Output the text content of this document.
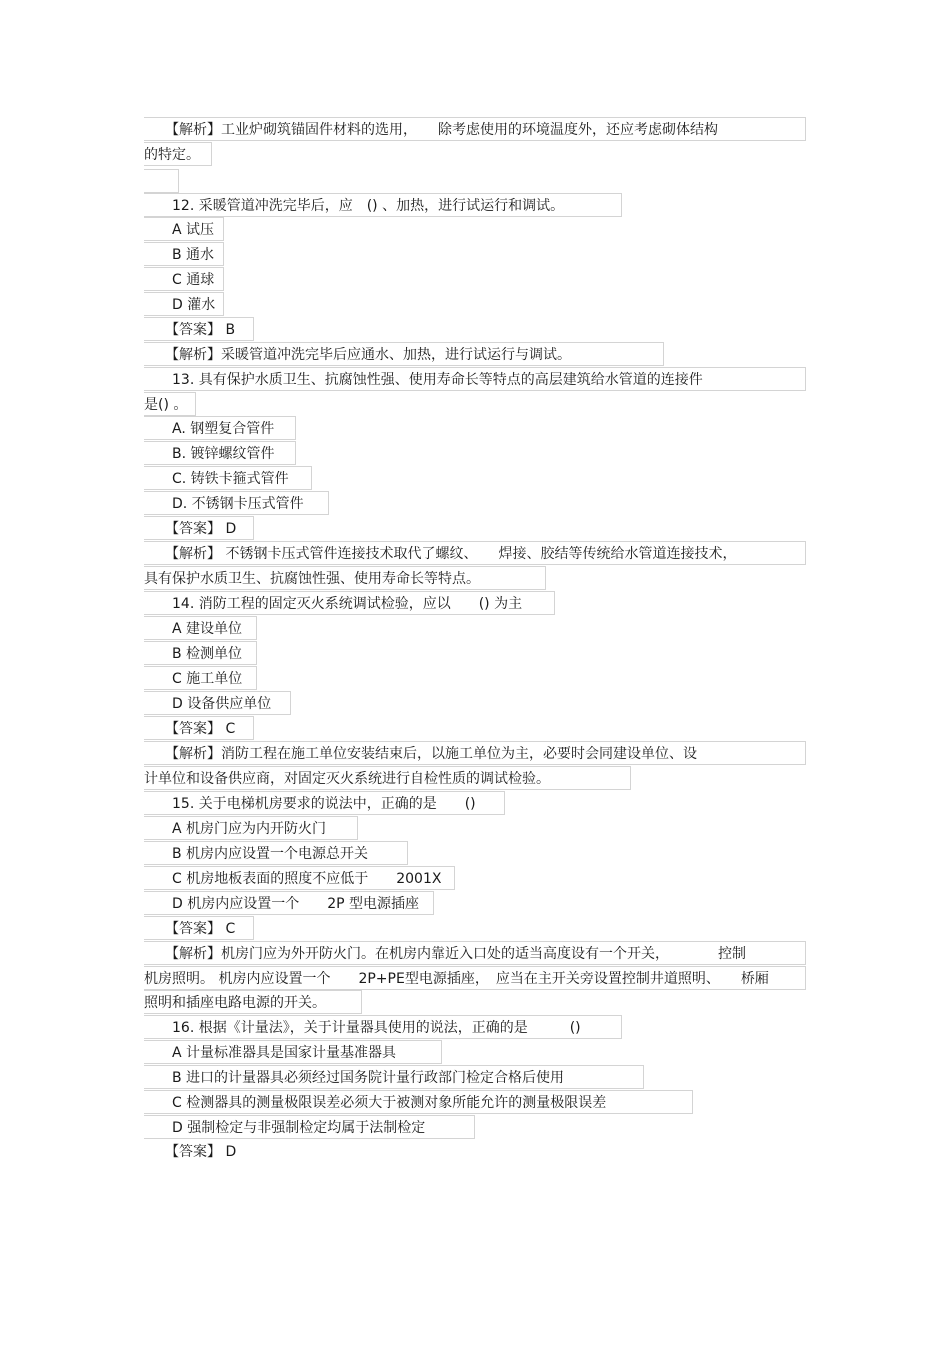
　　【解析】工业炉砌筑锚固件材料的选用，　　除考虑使用的环境温度外，还应考虑砌体结构
的特定。
　　12. 采暖管道冲洗完毕后，应　() 、加热，进行试运行和调试。
　　A 试压
　　B 通水
　　C 通球
　　D 灌水
　　【答案】 B
　　【解析】采暖管道冲洗完毕后应通水、加热，进行试运行与调试。
　　13. 具有保护水质卫生、抗腐蚀性强、使用寿命长等特点的高层建筑给水管道的连接件
是() 。
　　A. 钢塑复合管件
　　B. 镀锌螺纹管件
　　C. 铸铁卡箍式管件
　　D. 不锈钢卡压式管件
　　【答案】 D
　　【解析】 不锈钢卡压式管件连接技术取代了螺纹、　　焊接、胶结等传统给水管道连接技术，
具有保护水质卫生、抗腐蚀性强、使用寿命长等特点。
　　14. 消防工程的固定灭火系统调试检验，应以　　() 为主
　　A 建设单位
　　B 检测单位
　　C 施工单位
　　D 设备供应单位
　　【答案】 C
　　【解析】消防工程在施工单位安装结束后，以施工单位为主，必要时会同建设单位、设
计单位和设备供应商，对固定灭火系统进行自检性质的调试检验。
　　15. 关于电梯机房要求的说法中，正确的是　　()
　　A 机房门应为内开防火门
　　B 机房内应设置一个电源总开关
　　C 机房地板表面的照度不应低于　　2001X
　　D 机房内应设置一个　　2P 型电源插座
　　【答案】 C
　　【解析】机房门应为外开防火门。在机房内靠近入口处的适当高度设有一个开关，　　　　控制
机房照明。 机房内应设置一个　　2P+PE型电源插座，　应当在主开关旁设置控制井道照明、　　桥厢
照明和插座电路电源的开关。
　　16. 根据《计量法》，关于计量器具使用的说法，正确的是　　　()
　　A 计量标准器具是国家计量基准器具
　　B 进口的计量器具必须经过国务院计量行政部门检定合格后使用
　　C 检测器具的测量极限误差必须大于被测对象所能允许的测量极限误差
　　D 强制检定与非强制检定均属于法制检定
　　【答案】 D
